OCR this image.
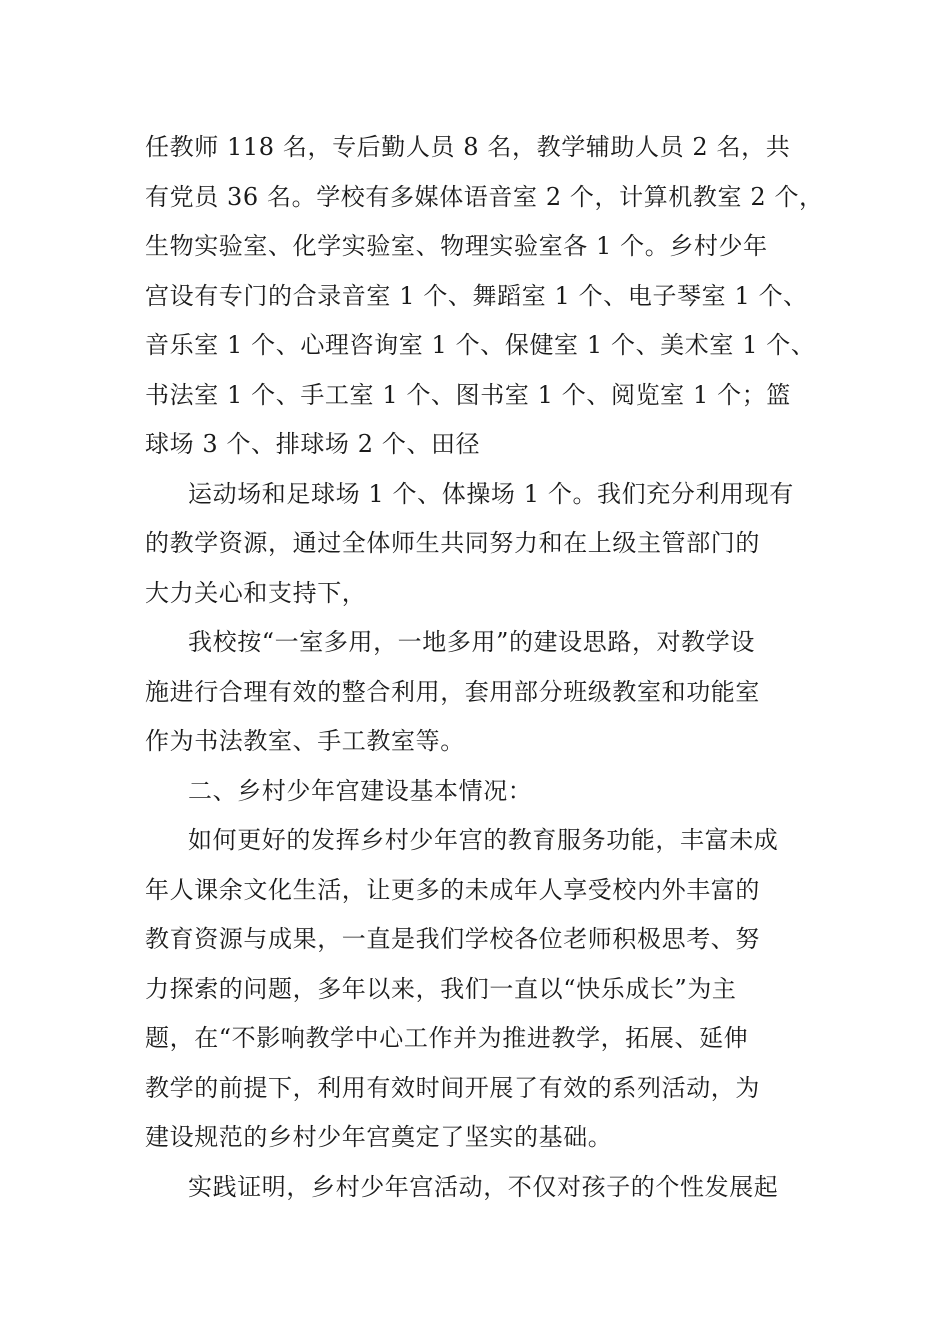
任教师 118 名，专后勤人员 8 名，教学辅助人员 2 名，共
有党员 36 名。学校有多媒体语音室 2 个，计算机教室 2 个，
生物实验室、化学实验室、物理实验室各 1 个。乡村少年
宫设有专门的合录音室 1 个、舞蹈室 1 个、电子琴室 1 个、
音乐室 1 个、心理咨询室 1 个、保健室 1 个、美术室 1 个、
书法室 1 个、手工室 1 个、图书室 1 个、阅览室 1 个；篮
球场 3 个、排球场 2 个、田径
运动场和足球场 1 个、体操场 1 个。我们充分利用现有
的教学资源，通过全体师生共同努力和在上级主管部门的
大力关心和支持下，
我校按“一室多用，一地多用”的建设思路，对教学设
施进行合理有效的整合利用，套用部分班级教室和功能室
作为书法教室、手工教室等。
二、乡村少年宫建设基本情况：
如何更好的发挥乡村少年宫的教育服务功能，丰富未成
年人课余文化生活，让更多的未成年人享受校内外丰富的
教育资源与成果，一直是我们学校各位老师积极思考、努
力探索的问题，多年以来，我们一直以“快乐成长”为主
题，在“不影响教学中心工作并为推进教学，拓展、延伸
教学的前提下，利用有效时间开展了有效的系列活动，为
建设规范的乡村少年宫奠定了坚实的基础。
实践证明，乡村少年宫活动，不仅对孩子的个性发展起
